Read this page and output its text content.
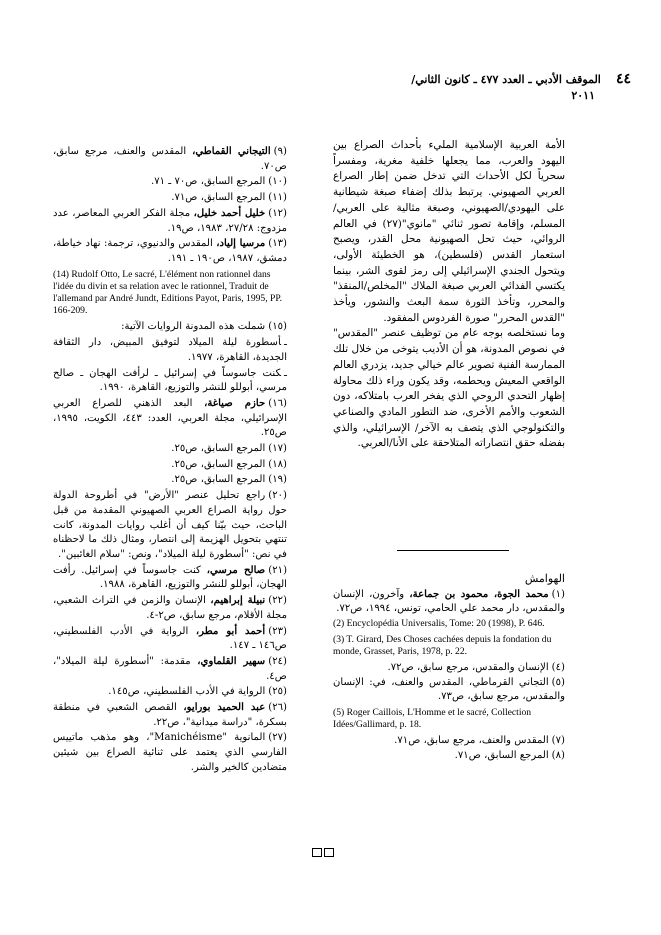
٤٤ الموقف الأدبي ـ العدد ٤٧٧ ـ كانون الثاني/
٢٠١١

الأمة العربية الإسلامية المليء بأحداث الصراع بين اليهود والعرب، مما يجعلها خلفية مغرية، ومفسراً سحرياً لكل الأحداث التي تدخل ضمن إطار الصراع العربي الصهيوني. يرتبط بذلك إضفاء صبغة شيطانية على اليهودي/الصهيوني، وصبغة مثالية على العربي/المسلم، وإقامة تصور ثنائي "مانوي"(٢٧) في العالم الروائي، حيث تحل الصهيونية محل القدر، ويصبح استعمار القدس (فلسطين)، هو الخطيئة الأولى، ويتحول الجندي الإسرائيلي إلى رمز لقوى الشر، بينما يكتسي الفدائي العربي صبغة الملاك "المخلص/المنقذ" والمحرر، وتأخذ الثورة سمة البعث والنشور، ويأخذ "القدس المحرر" صورة الفردوس المفقود.

وما نستخلصه بوجه عام من توظيف عنصر "المقدس" في نصوص المدونة، هو أن الأديب يتوخى من خلال تلك الممارسة الفنية تصوير عالم خيالي جديد، يزدري العالم الواقعي المعيش ويحطمه، وقد يكون وراء ذلك محاولة إظهار التحدي الروحي الذي يفخر العرب بامتلاكه، دون الشعوب والأمم الأخرى، ضد التطور المادي والصناعي والتكنولوجي الذي يتصف به الآخر/ الإسرائيلي، والذي بفضله حقق انتصاراته المتلاحقة على الأنا/العربي.

الهوامش
(١)محمد الجوة، محمود بن جماعة، وآخرون، الإنسان والمقدس، دار محمد علي الحامي، تونس، ١٩٩٤، ص٧٢.
(2) Encyclopédia Universalis, Tome: 20 (1998), P. 646.
(3) T. Girard, Des Choses cachées depuis la fondation du monde, Grasset, Paris, 1978, p. 22.
(٤)الإنسان والمقدس، مرجع سابق، ص٧٢.
(٥)التجاني القرماطي، المقدس والعنف، في: الإنسان والمقدس، مرجع سابق، ص٧٣.
(5) Roger Caillois, L'Homme et le sacré, Collection Idées/Gallimard, p. 18.
(٧)المقدس والعنف، مرجع سابق، ص٧١.
(٨)المرجع السابق، ص٧١.
(٩)التيجاني القماطي، المقدس والعنف، مرجع سابق، ص٧٠.
(١٠)المرجع السابق، ص٧٠ ـ ٧١.
(١١)المرجع السابق، ص٧١.
(١٢)خليل أحمد خليل، مجلة الفكر العربي المعاصر، عدد مزدوج: ٢٧/٢٨، ١٩٨٣، ص١٩.
(١٣)مرسيا إلياد، المقدس والدنيوي، ترجمة: نهاد خياطة، دمشق، ١٩٨٧، ص١٩٠ ـ ١٩١.
(14) Rudolf Otto, Le sacré, L'élément non rationnel dans l'idée du divin et sa relation avec le rationnel, Traduit de l'allemand par André Jundt, Editions Payot, Paris, 1995, PP. 166-209.
(١٥)شملت هذه المدونة الروايات الآتية:
ـأسطورة ليلة الميلاد لتوفيق المبيض، دار الثقافة الجديدة، القاهرة، ١٩٧٧.
ـكنت جاسوساً في إسرائيل ـ لرأفت الهجان ـ صالح مرسي، أبوللو للنشر والتوزيع، القاهرة، ١٩٩٠.
(١٦)حازم صياغة، البعد الذهني للصراع العربي الإسرائيلي، مجلة العربي، العدد: ٤٤٣، الكويت، ١٩٩٥، ص٢٥.
(١٧)المرجع السابق، ص٢٥.
(١٨)المرجع السابق، ص٢٥.
(١٩)المرجع السابق، ص٢٥.
(٢٠)راجع تحليل عنصر "الأرض" في أطروحة الدولة حول رواية الصراع العربي الصهيوني المقدمة من قبل الباحث، حيث بيّنا كيف أن أغلب روايات المدونة، كانت تنتهي بتحويل الهزيمة إلى انتصار، ومثال ذلك ما لاحظناه في نص: "أسطورة ليلة الميلاد"، ونص: "سلام الغائبين".
(٢١)صالح مرسي، كنت جاسوساً في إسرائيل. رأفت الهجان، أبوللو للنشر والتوزيع، القاهرة، ١٩٨٨.
(٢٢)نبيلة إبراهيم، الإنسان والزمن في التراث الشعبي، مجلة الأقلام، مرجع سابق، ص٢-٤.
(٢٣)أحمد أبو مطر، الرواية في الأدب الفلسطيني، ص١٤٦ ـ ١٤٧.
(٢٤)سهير القلماوي، مقدمة: "أسطورة ليلة الميلاد"، ص٤.
(٢٥)الرواية في الأدب الفلسطيني، ص١٤٥.
(٢٦)عبد الحميد بورايو، القصص الشعبي في منطقة بسكرة، "دراسة ميدانية"، ص٢٢.
(٢٧)المانوية "Manichéisme"، وهو مذهب ماتييس الفارسي الذي يعتمد على ثنائية الصراع بين شيئين متضادين كالخير والشر.
